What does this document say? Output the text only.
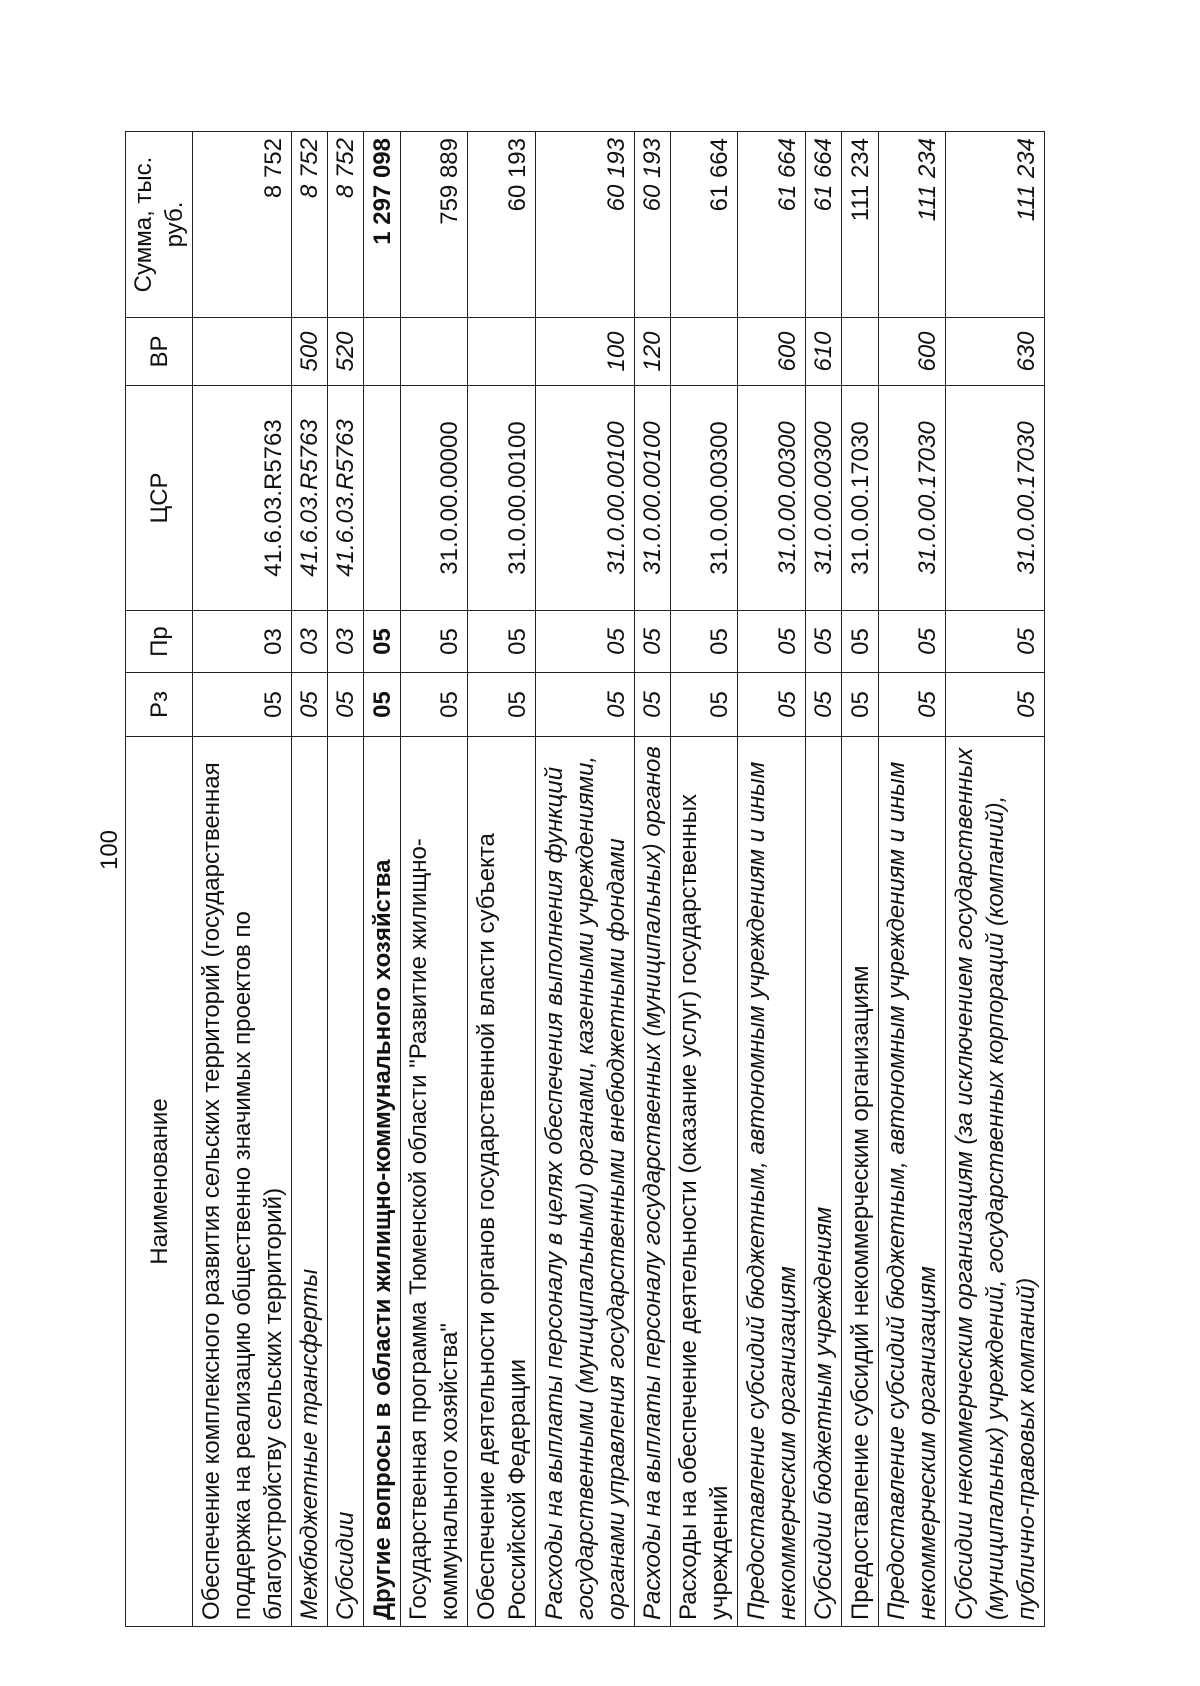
100
Наименование	Рз	Пр	ЦСР	ВР	Сумма, тыс. руб.
Обеспечение комплексного развития сельских территорий (государственная поддержка на реализацию общественно значимых проектов по благоустройству сельских территорий)	05	03	41.6.03.R5763		8 752
Межбюджетные трансферты	05	03	41.6.03.R5763	500	8 752
Субсидии	05	03	41.6.03.R5763	520	8 752
Другие вопросы в области жилищно-коммунального хозяйства	05	05			1 297 098
Государственная программа Тюменской области "Развитие жилищно-коммунального хозяйства"	05	05	31.0.00.00000		759 889
Обеспечение деятельности органов государственной власти субъекта Российской Федерации	05	05	31.0.00.00100		60 193
Расходы на выплаты персоналу в целях обеспечения выполнения функций государственными (муниципальными) органами, казенными учреждениями, органами управления государственными внебюджетными фондами	05	05	31.0.00.00100	100	60 193
Расходы на выплаты персоналу государственных (муниципальных) органов	05	05	31.0.00.00100	120	60 193
Расходы на обеспечение деятельности (оказание услуг) государственных учреждений	05	05	31.0.00.00300		61 664
Предоставление субсидий бюджетным, автономным учреждениям и иным некоммерческим организациям	05	05	31.0.00.00300	600	61 664
Субсидии бюджетным учреждениям	05	05	31.0.00.00300	610	61 664
Предоставление субсидий некоммерческим организациям	05	05	31.0.00.17030		111 234
Предоставление субсидий бюджетным, автономным учреждениям и иным некоммерческим организациям	05	05	31.0.00.17030	600	111 234
Субсидии некоммерческим организациям (за исключением государственных (муниципальных) учреждений, государственных корпораций (компаний), публично-правовых компаний)	05	05	31.0.00.17030	630	111 234
